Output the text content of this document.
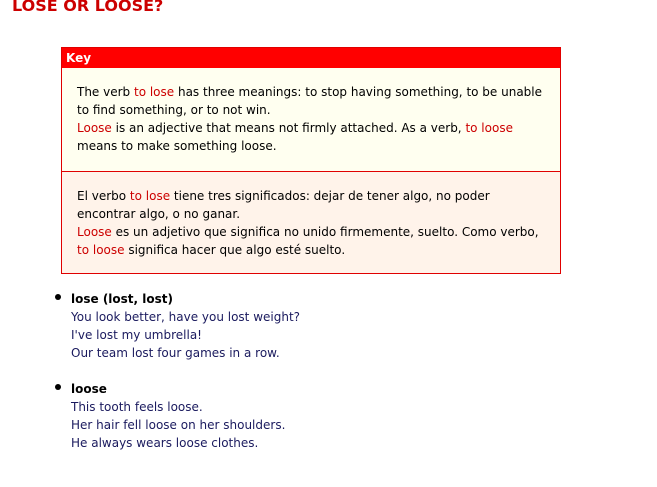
LOSE OR LOOSE?
Key
The verb to lose has three meanings: to stop having something, to be unable to find something, or to not win.
Loose is an adjective that means not firmly attached. As a verb, to loose means to make something loose.
El verbo to lose tiene tres significados: dejar de tener algo, no poder encontrar algo, o no ganar.
Loose es un adjetivo que significa no unido firmemente, suelto. Como verbo, to loose significa hacer que algo esté suelto.
lose (lost, lost)
You look better, have you lost weight?
I've lost my umbrella!
Our team lost four games in a row.
loose
This tooth feels loose.
Her hair fell loose on her shoulders.
He always wears loose clothes.
